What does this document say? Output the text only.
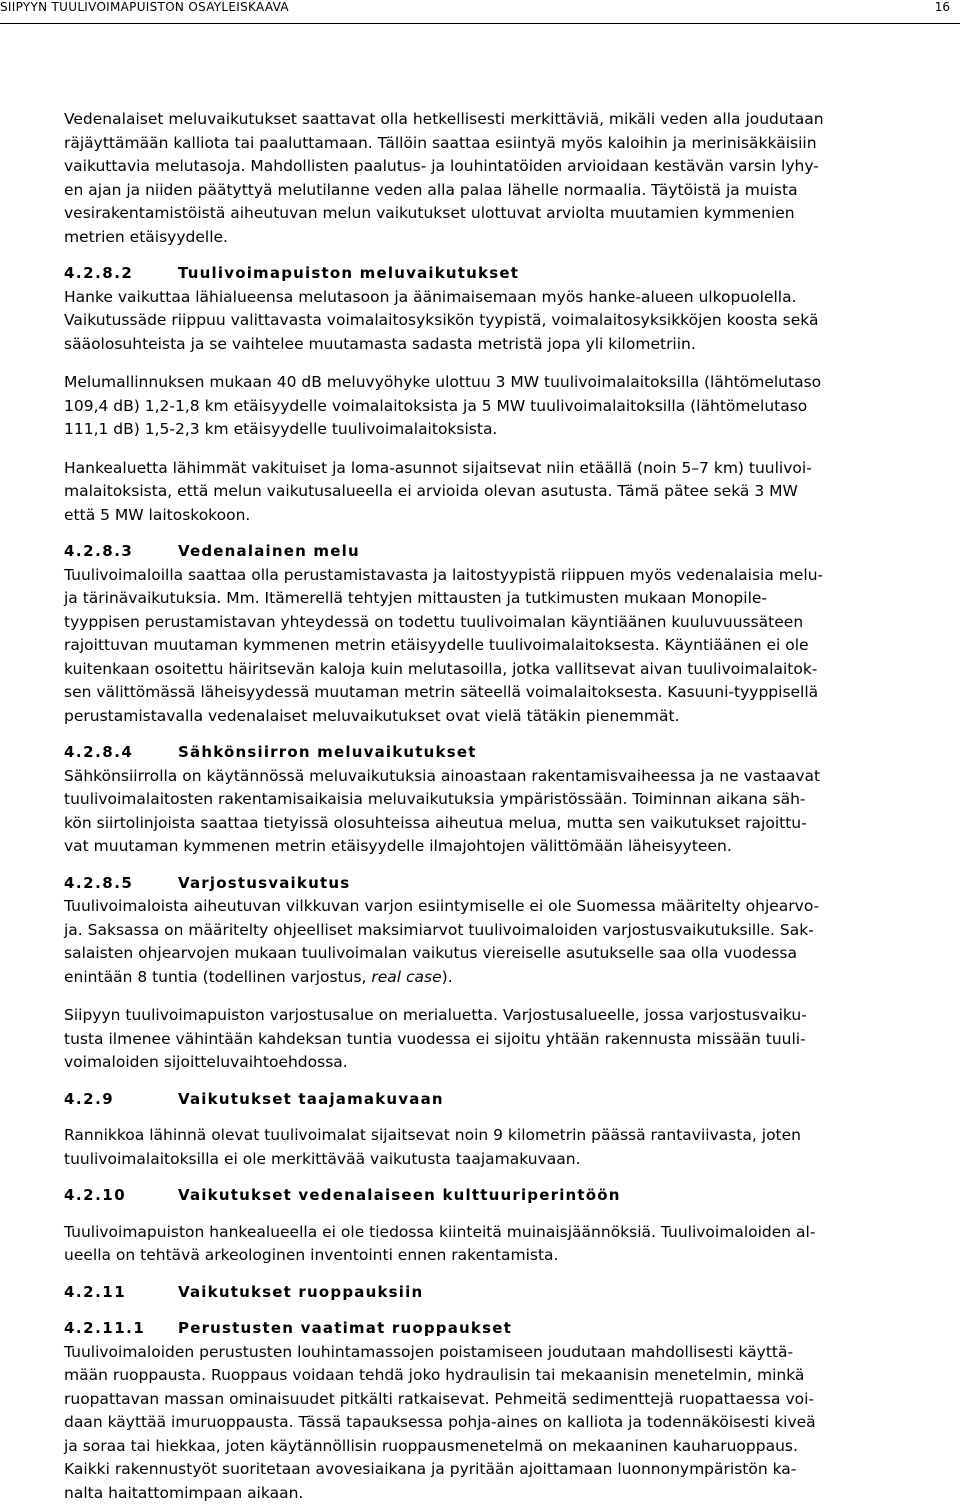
SIIPYYN TUULIVOIMAPUISTON OSAYLEISKAAVA	16

Vedenalaiset meluvaikutukset saattavat olla hetkellisesti merkittäviä, mikäli veden alla joudutaan
räjäyttämään kalliota tai paaluttamaan. Tällöin saattaa esiintyä myös kaloihin ja merinisäkkäisiin
vaikuttavia melutasoja. Mahdollisten paalutus- ja louhintatöiden arvioidaan kestävän varsin lyhy-
en ajan ja niiden päätyttyä melutilanne veden alla palaa lähelle normaalia. Täytöistä ja muista
vesirakentamistöistä aiheutuvan melun vaikutukset ulottuvat arviolta muutamien kymmenien
metrien etäisyydelle.

4.2.8.2	Tuulivoimapuiston meluvaikutukset

Hanke vaikuttaa lähialueensa melutasoon ja äänimaisemaan myös hanke-alueen ulkopuolella.
Vaikutussäde riippuu valittavasta voimalaitosyksikön tyypistä, voimalaitosyksikköjen koosta sekä
sääolosuhteista ja se vaihtelee muutamasta sadasta metristä jopa yli kilometriin.

Melumallinnuksen mukaan 40 dB meluvyöhyke ulottuu 3 MW tuulivoimalaitoksilla (lähtömelutaso
109,4 dB) 1,2-1,8 km etäisyydelle voimalaitoksista ja 5 MW tuulivoimalaitoksilla (lähtömelutaso
111,1 dB) 1,5-2,3 km etäisyydelle tuulivoimalaitoksista.

Hankealuetta lähimmät vakituiset ja loma-asunnot sijaitsevat niin etäällä (noin 5–7 km) tuulivoi-
malaitoksista, että melun vaikutusalueella ei arvioida olevan asutusta. Tämä pätee sekä 3 MW
että 5 MW laitoskokoon.

4.2.8.3	Vedenalainen melu

Tuulivoimaloilla saattaa olla perustamistavasta ja laitostyypistä riippuen myös vedenalaisia melu-
ja tärinävaikutuksia. Mm. Itämerellä tehtyjen mittausten ja tutkimusten mukaan Monopile-
tyyppisen perustamistavan yhteydessä on todettu tuulivoimalan käyntiäänen kuuluvuussäteen
rajoittuvan muutaman kymmenen metrin etäisyydelle tuulivoimalaitoksesta. Käyntiäänen ei ole
kuitenkaan osoitettu häiritsevän kaloja kuin melutasoilla, jotka vallitsevat aivan tuulivoimalaitok-
sen välittömässä läheisyydessä muutaman metrin säteellä voimalaitoksesta. Kasuuni-tyyppisellä
perustamistavalla vedenalaiset meluvaikutukset ovat vielä tätäkin pienemmät.

4.2.8.4	Sähkönsiirron meluvaikutukset

Sähkönsiirrolla on käytännössä meluvaikutuksia ainoastaan rakentamisvaiheessa ja ne vastaavat
tuulivoimalaitosten rakentamisaikaisia meluvaikutuksia ympäristössään. Toiminnan aikana säh-
kön siirtolinjoista saattaa tietyissä olosuhteissa aiheutua melua, mutta sen vaikutukset rajoittu-
vat muutaman kymmenen metrin etäisyydelle ilmajohtojen välittömään läheisyyteen.

4.2.8.5	Varjostusvaikutus

Tuulivoimaloista aiheutuvan vilkkuvan varjon esiintymiselle ei ole Suomessa määritelty ohjearvo-
ja. Saksassa on määritelty ohjeelliset maksimiarvot tuulivoimaloiden varjostusvaikutuksille. Sak-
salaisten ohjearvojen mukaan tuulivoimalan vaikutus viereiselle asutukselle saa olla vuodessa
enintään 8 tuntia (todellinen varjostus, real case).

Siipyyn tuulivoimapuiston varjostusalue on merialuetta. Varjostusalueelle, jossa varjostusvaiku-
tusta ilmenee vähintään kahdeksan tuntia vuodessa ei sijoitu yhtään rakennusta missään tuuli-
voimaloiden sijoitteluvaihtoehdossa.

4.2.9	Vaikutukset taajamakuvaan

Rannikkoa lähinnä olevat tuulivoimalat sijaitsevat noin 9 kilometrin päässä rantaviivasta, joten
tuulivoimalaitoksilla ei ole merkittävää vaikutusta taajamakuvaan.

4.2.10	Vaikutukset vedenalaiseen kulttuuriperintöön

Tuulivoimapuiston hankealueella ei ole tiedossa kiinteitä muinaisjäännöksiä. Tuulivoimaloiden al-
ueella on tehtävä arkeologinen inventointi ennen rakentamista.

4.2.11	Vaikutukset ruoppauksiin
4.2.11.1 Perustusten vaatimat ruoppaukset

Tuulivoimaloiden perustusten louhintamassojen poistamiseen joudutaan mahdollisesti käyttä-
mään ruoppausta. Ruoppaus voidaan tehdä joko hydraulisin tai mekaanisin menetelmin, minkä
ruopattavan massan ominaisuudet pitkälti ratkaisevat. Pehmeitä sedimenttejä ruopattaessa voi-
daan käyttää imuruoppausta. Tässä tapauksessa pohja-aines on kalliota ja todennäköisesti kiveä
ja soraa tai hiekkaa, joten käytännöllisin ruoppausmenetelmä on mekaaninen kauharuoppaus.
Kaikki rakennustyöt suoritetaan avovesiaikana ja pyritään ajoittamaan luonnonympäristön ka-
nalta haitattomimpaan aikaan.
